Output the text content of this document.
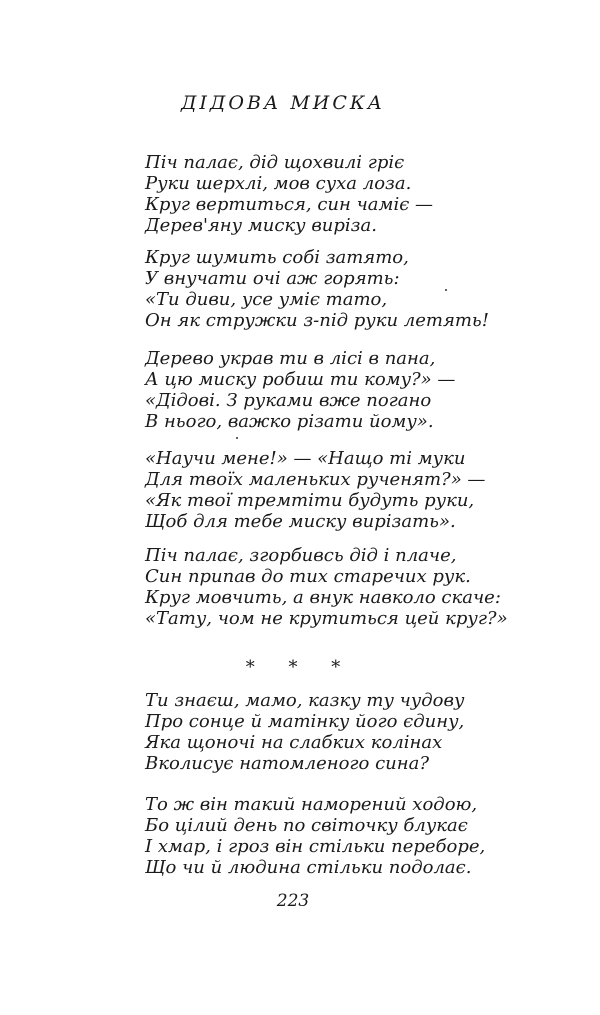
ДІДОВА МИСКА
Піч палає, дід щохвилі гріє
Руки шерхлі, мов суха лоза.
Круг вертиться, син чаміє —
Дерев'яну миску виріза.
Круг шумить собі затято,
У внучати очі аж горять:
«Ти диви, усе уміє тато,
Он як стружки з-під руки летять!
Дерево украв ти в лісі в пана,
А цю миску робиш ти кому?» —
«Дідові. З руками вже погано
В нього, важко різати йому».
«Научи мене!» — «Нащо ті муки
Для твоїх маленьких рученят?» —
«Як твої тремтіти будуть руки,
Щоб для тебе миску вирізать».
Піч палає, згорбивсь дід і плаче,
Син припав до тих старечих рук.
Круг мовчить, а внук навколо скаче:
«Тату, чом не крутиться цей круг?»
* * *
Ти знаєш, мамо, казку ту чудову
Про сонце й матінку його єдину,
Яка щоночі на слабких колінах
Вколисує натомленого сина?
То ж він такий наморений ходою,
Бо цілий день по світочку блукає
І хмар, і гроз він стільки переборе,
Що чи й людина стільки подолає.
223
